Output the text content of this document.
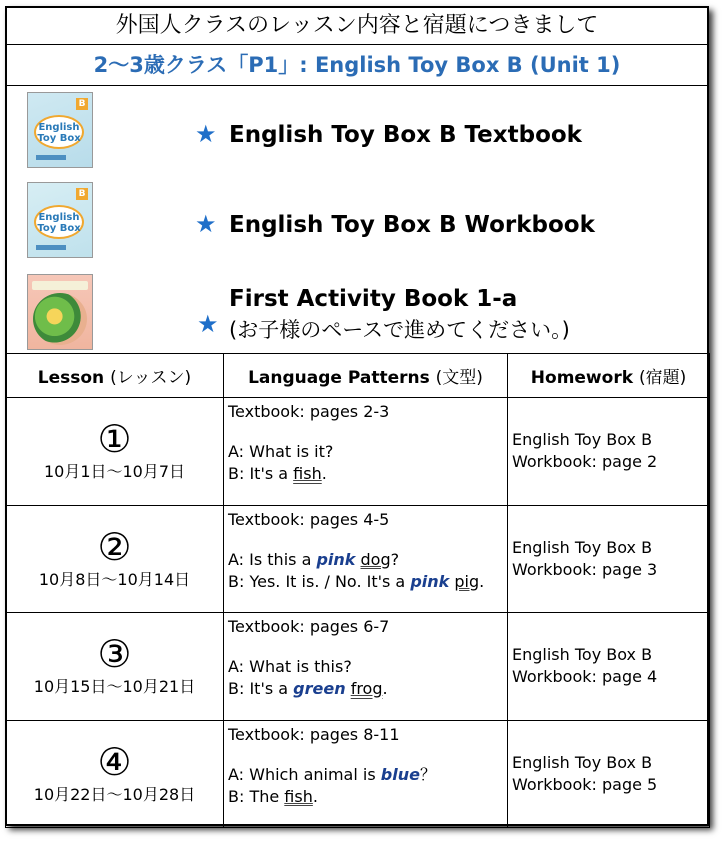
外国人クラスのレッスン内容と宿題につきまして
2〜3歳クラス「P1」: English Toy Box B (Unit 1)
B
English
Toy Box	★ English Toy Box B Textbook
B
English
Toy Box	★ English Toy Box B Workbook
★
First Activity Book 1-a
(お子様のペースで進めてください。)
Lesson (レッスン)	Language Patterns (文型)	Homework (宿題)

①
10月1日〜10月7日	Textbook: pages 2-3
A: What is it?
B: It's a fish.	English Toy Box B
Workbook: page 2

②
10月8日〜10月14日	Textbook: pages 4-5
A: Is this a pink dog?
B: Yes. It is. / No. It's a pink pig.	English Toy Box B
Workbook: page 3

③
10月15日〜10月21日	Textbook: pages 6-7
A: What is this?
B: It's a green frog.	English Toy Box B
Workbook: page 4

④
10月22日〜10月28日	Textbook: pages 8-11
A: Which animal is blue？
B: The fish.	English Toy Box B
Workbook: page 5
